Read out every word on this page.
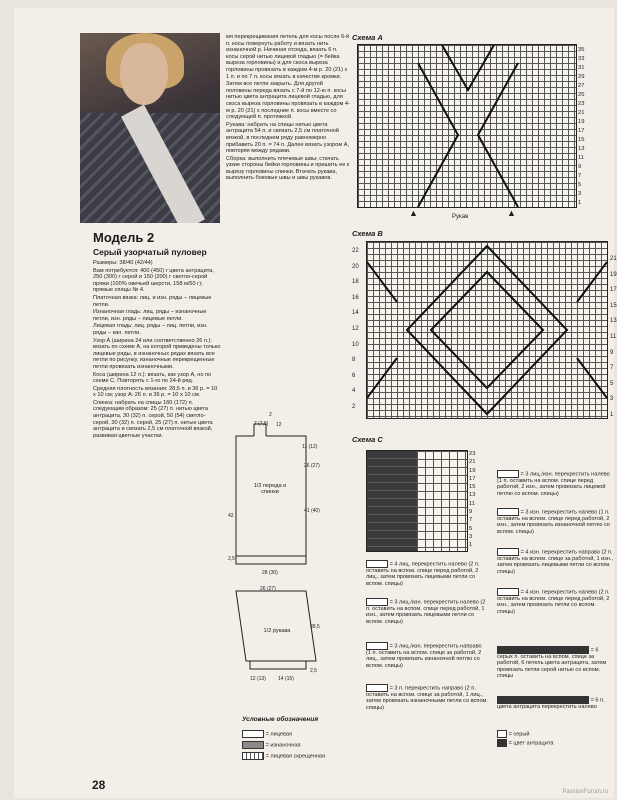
Модель 2
Серый узорчатый пуловер

Размеры: 38/40 (42/44)

Вам потребуется: 400 (450) г цвета антрацита, 250 (300) г серой и 150 (200) г светло-серой пряжи (100% овечьей шерсти, 158 м/50 г); прямые спицы № 4.

Платочная вязка: лиц. и изн. ряды – лицевые петли.

Изнаночная гладь: лиц. ряды – изнаночные петли, изн. ряды – лицевые петли.

Лицевая гладь: лиц. ряды – лиц. петли, изн. ряды – изн. петли.

Узор А (ширина 24 или соответственно 26 п.): вязать по схеме А, на которой приведены только лицевые ряды, в изнаночных рядах вязать все петли по рисунку, изнаночные перекрещенные петли провязать изнаночными.

Коса (ширина 12 п.): вязать, как узор А, но по схеме С. Повторять с 1-го по 24-й ряд.

Средняя плотность вязания: 28,5 п. и 36 р. = 10 х 10 см; узор А: 26 п. и 36 р. = 10 х 10 см.

Спинка: набрать на спицы 160 (172) п. следующим образом: 25 (27) п. нитью цвета антрацита, 30 (32) п. серой, 50 (54) светло-серой, 30 (32) п. серой, 25 (27) п. нитью цвета антрацита и связать 2,5 см платочной вязкой, развивая цветные участки.

мя перекрещивания петель для косы после 6-й п. косы повернуть работу и вязать нить изнаночной р. Начиная отсюда, вязать 6 п. косы серой нитью лицевой гладью (= бейка выреза горловины) и для скоса выреза горловины провязать в каждом 4-м р. 20 (21) х 1 п. и по 7 п. косы вязать в качестве кромки.

Затем все петли закрыть. Для другой половины переда вязать с 7-й по 12-ю п. косы нитью цвета антрацита лицевой гладью, для скоса выреза горловины провязать в каждом 4-м р. 20 (21) х последние п. косы вместе со следующей п. протяжкой.

Рукава: набрать на спицы нитью цвета антрацита 54 п. и связать 2,5 см платочной вязкой, в последнем ряду равномерно прибавить 20 п. = 74 п. Далее вязать узором А, повторяя между рядами.

Сборка: выполнить плечевые швы; стачать узкие стороны бейки горловины и пришить ее к вырезу горловины спинки. Втачать рукава, выполнить боковые швы и швы рукавов.

Схема А
35
33
31
29
27
25
23
21
19
17
15
13
11
9
7
5
3
1
▲	▲
Рукав
Схема В
22
20
18
16
14
12
10
8
6
4
2
21
19
17
15
13
11
9
7
5
3
1
1/2 переда и спинки
1/2 рукава
7 (7,5)
2
12
11 (12)
26 (27)
41 (40)
42
2,5
28 (30)
26 (27)
39,5
2,5
12 (13) 14 (15)
Условные обозначения
= лицевая
= изнаночная
= лицевая скрещенная
Схема С
23
21
19
17
15
13
11
9
7
5
3
1
= 4 лиц. перекрестить налево (2 п. оставить на вспом. спице перед работой, 2 лиц., затем провязать лицевыми петли со вспом. спицы)
= 3 лиц./изн. перекрестить налево (2 п. оставить на вспом. спице перед работой, 1 изн., затем провязать лицевыми петли со вспом. спицы)
= 3 лиц./изн. перекрестить направо (1 п. оставить на вспом. спице за работой, 2 лиц., затем провязать изнаночной петлю со вспом. спицы)
= 3 п. перекрестить направо (2 п. оставить на вспом. спице за работой, 1 лиц., затем провязать изнаночными петли со вспом. спицы)
= 3 лиц./изн. перекрестить налево (1 п. оставить на вспом. спице перед работой, 2 изн., затем провязать лицевой петлю со вспом. спицы)
= 3 изн. перекрестить налево (1 п. оставить на вспом. спице перед работой, 2 изн., затем провязать изнаночной петлю со вспом. спицы)
= 4 изн. перекрестить направо (2 п. оставить на вспом. спице за работой, 1 изн., затем провязать лицевыми петли со вспом. спицы)
= 4 изн. перекрестить налево (2 п. оставить на вспом. спице перед работой, 2 изн., затем провязать петли со вспом. спицы)
= 6 серых п. оставить на вспом. спице за работой, 6 петель цвета антрацита, затем провязать петли серой нитью со вспом. спицы
= 6 п. цвета антрацита перекрестить налево
= серый
= цвет антрацита
28	PassionForum.ru
